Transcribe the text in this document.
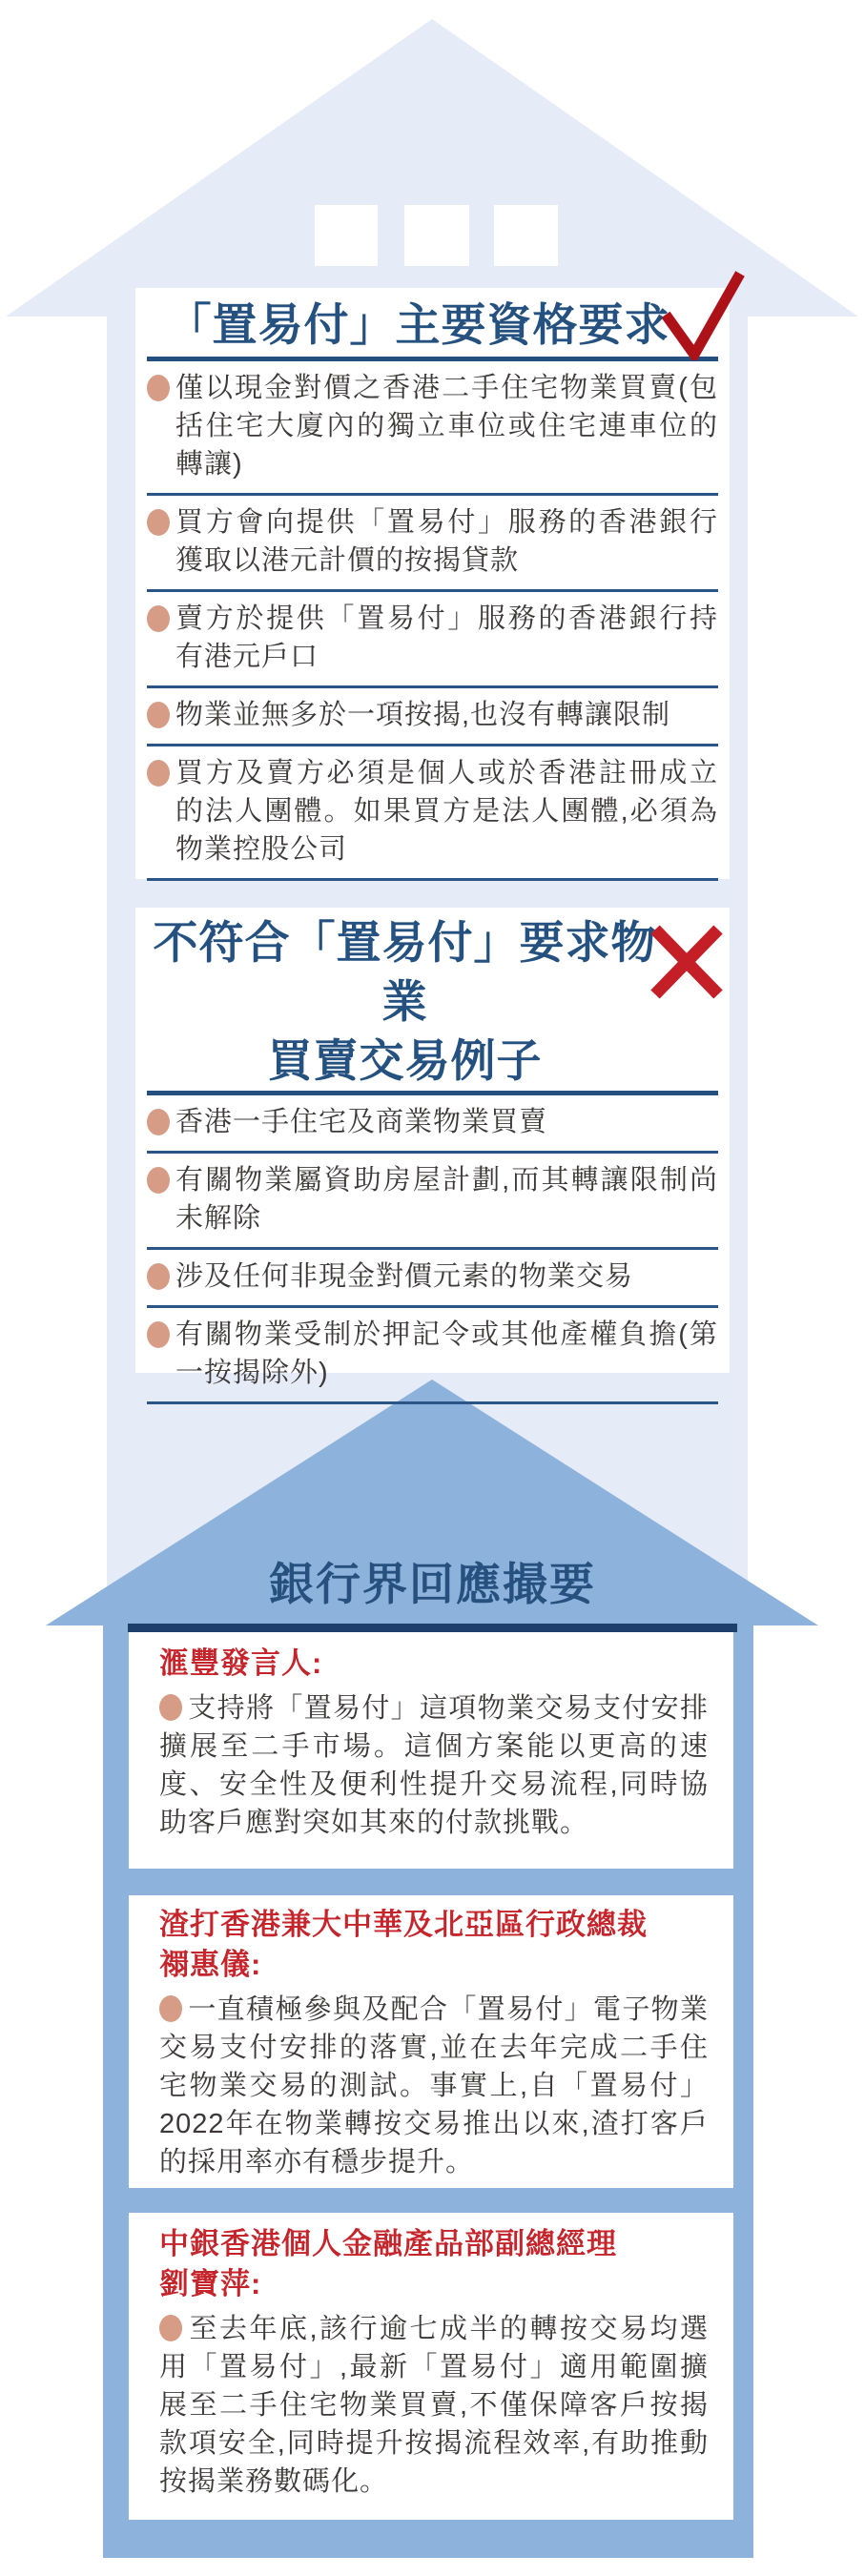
「置易付」主要資格要求
僅以現金對價之香港二手住宅物業買賣(包括住宅大廈內的獨立車位或住宅連車位的轉讓)
買方會向提供「置易付」服務的香港銀行獲取以港元計價的按揭貸款
賣方於提供「置易付」服務的香港銀行持有港元戶口
物業並無多於一項按揭,也沒有轉讓限制
買方及賣方必須是個人或於香港註冊成立的法人團體。如果買方是法人團體,必須為物業控股公司
不符合「置易付」要求物業
買賣交易例子
香港一手住宅及商業物業買賣
有關物業屬資助房屋計劃,而其轉讓限制尚未解除
涉及任何非現金對價元素的物業交易
有關物業受制於押記令或其他產權負擔(第一按揭除外)
銀行界回應撮要
滙豐發言人:

支持將「置易付」這項物業交易支付安排擴展至二手市場。這個方案能以更高的速度、安全性及便利性提升交易流程,同時協助客戶應對突如其來的付款挑戰。

渣打香港兼大中華及北亞區行政總裁
禤惠儀:

一直積極參與及配合「置易付」電子物業交易支付安排的落實,並在去年完成二手住宅物業交易的測試。事實上,自「置易付」2022年在物業轉按交易推出以來,渣打客戶的採用率亦有穩步提升。

中銀香港個人金融產品部副總經理
劉寶萍:

至去年底,該行逾七成半的轉按交易均選用「置易付」,最新「置易付」適用範圍擴展至二手住宅物業買賣,不僅保障客戶按揭款項安全,同時提升按揭流程效率,有助推動按揭業務數碼化。
